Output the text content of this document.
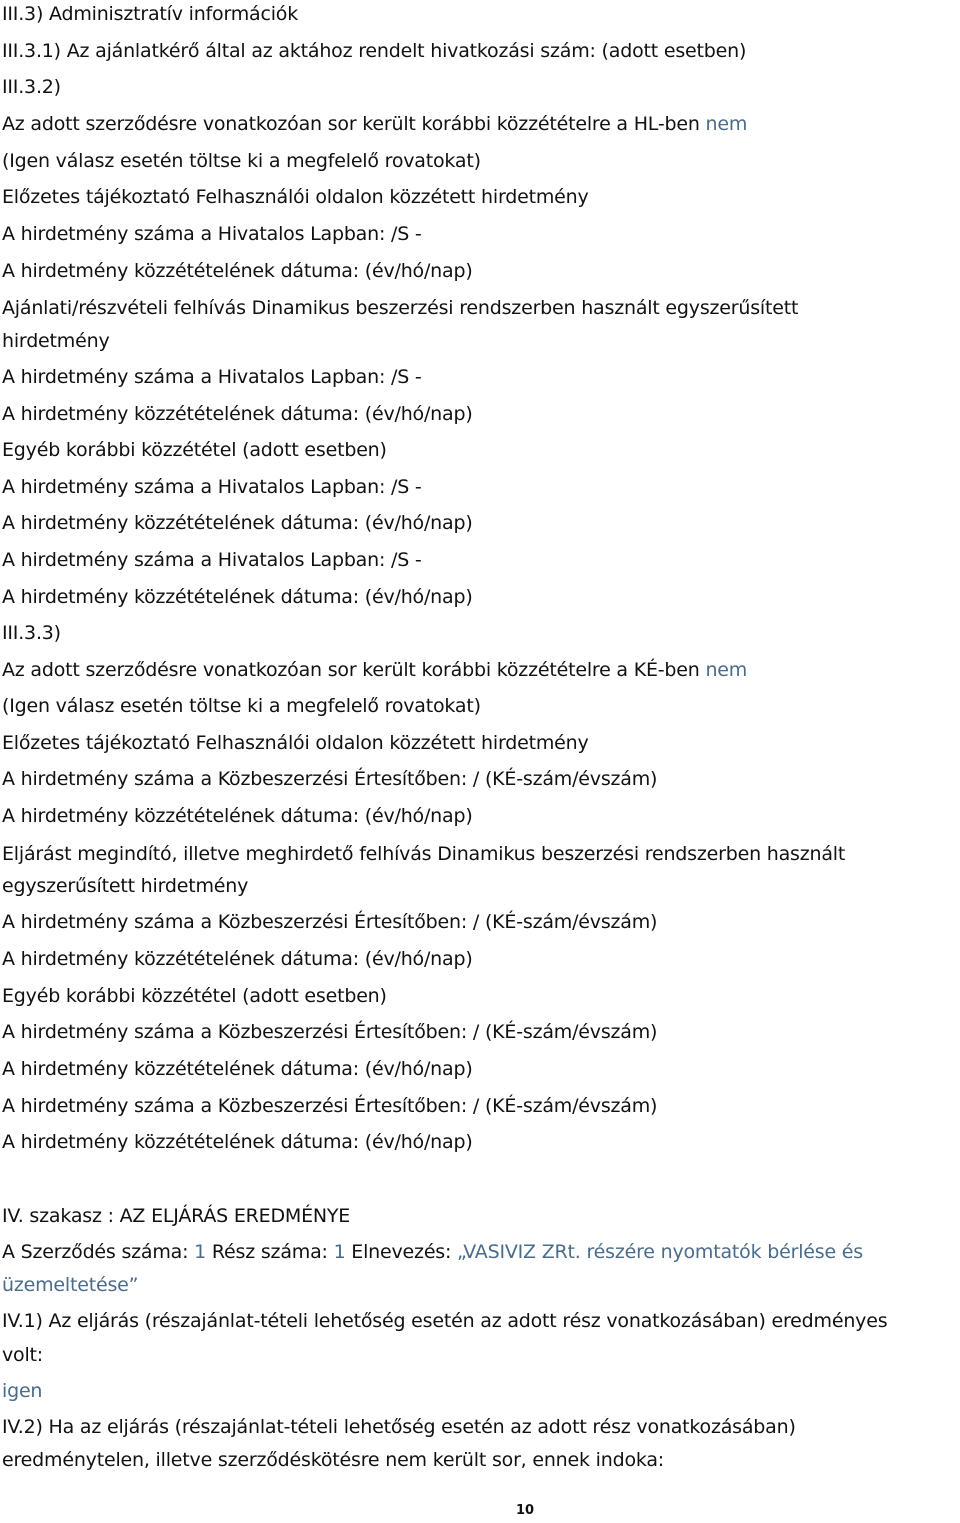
III.3) Adminisztratív információk
III.3.1) Az ajánlatkérő által az aktához rendelt hivatkozási szám: (adott esetben)
III.3.2)
Az adott szerződésre vonatkozóan sor került korábbi közzétételre a HL-ben nem
(Igen válasz esetén töltse ki a megfelelő rovatokat)
Előzetes tájékoztató Felhasználói oldalon közzétett hirdetmény
A hirdetmény száma a Hivatalos Lapban: /S -
A hirdetmény közzétételének dátuma: (év/hó/nap)
Ajánlati/részvételi felhívás Dinamikus beszerzési rendszerben használt egyszerűsített
hirdetmény
A hirdetmény száma a Hivatalos Lapban: /S -
A hirdetmény közzétételének dátuma: (év/hó/nap)
Egyéb korábbi közzététel (adott esetben)
A hirdetmény száma a Hivatalos Lapban: /S -
A hirdetmény közzétételének dátuma: (év/hó/nap)
A hirdetmény száma a Hivatalos Lapban: /S -
A hirdetmény közzétételének dátuma: (év/hó/nap)
III.3.3)
Az adott szerződésre vonatkozóan sor került korábbi közzétételre a KÉ-ben nem
(Igen válasz esetén töltse ki a megfelelő rovatokat)
Előzetes tájékoztató Felhasználói oldalon közzétett hirdetmény
A hirdetmény száma a Közbeszerzési Értesítőben: / (KÉ-szám/évszám)
A hirdetmény közzétételének dátuma: (év/hó/nap)
Eljárást megindító, illetve meghirdető felhívás Dinamikus beszerzési rendszerben használt
egyszerűsített hirdetmény
A hirdetmény száma a Közbeszerzési Értesítőben: / (KÉ-szám/évszám)
A hirdetmény közzétételének dátuma: (év/hó/nap)
Egyéb korábbi közzététel (adott esetben)
A hirdetmény száma a Közbeszerzési Értesítőben: / (KÉ-szám/évszám)
A hirdetmény közzétételének dátuma: (év/hó/nap)
A hirdetmény száma a Közbeszerzési Értesítőben: / (KÉ-szám/évszám)
A hirdetmény közzétételének dátuma: (év/hó/nap)
IV. szakasz : AZ ELJÁRÁS EREDMÉNYE
A Szerződés száma: 1 Rész száma: 1 Elnevezés: „VASIVIZ ZRt. részére nyomtatók bérlése és
üzemeltetése”
IV.1) Az eljárás (részajánlat-tételi lehetőség esetén az adott rész vonatkozásában) eredményes
volt:
igen
IV.2) Ha az eljárás (részajánlat-tételi lehetőség esetén az adott rész vonatkozásában)
eredménytelen, illetve szerződéskötésre nem került sor, ennek indoka:
10
